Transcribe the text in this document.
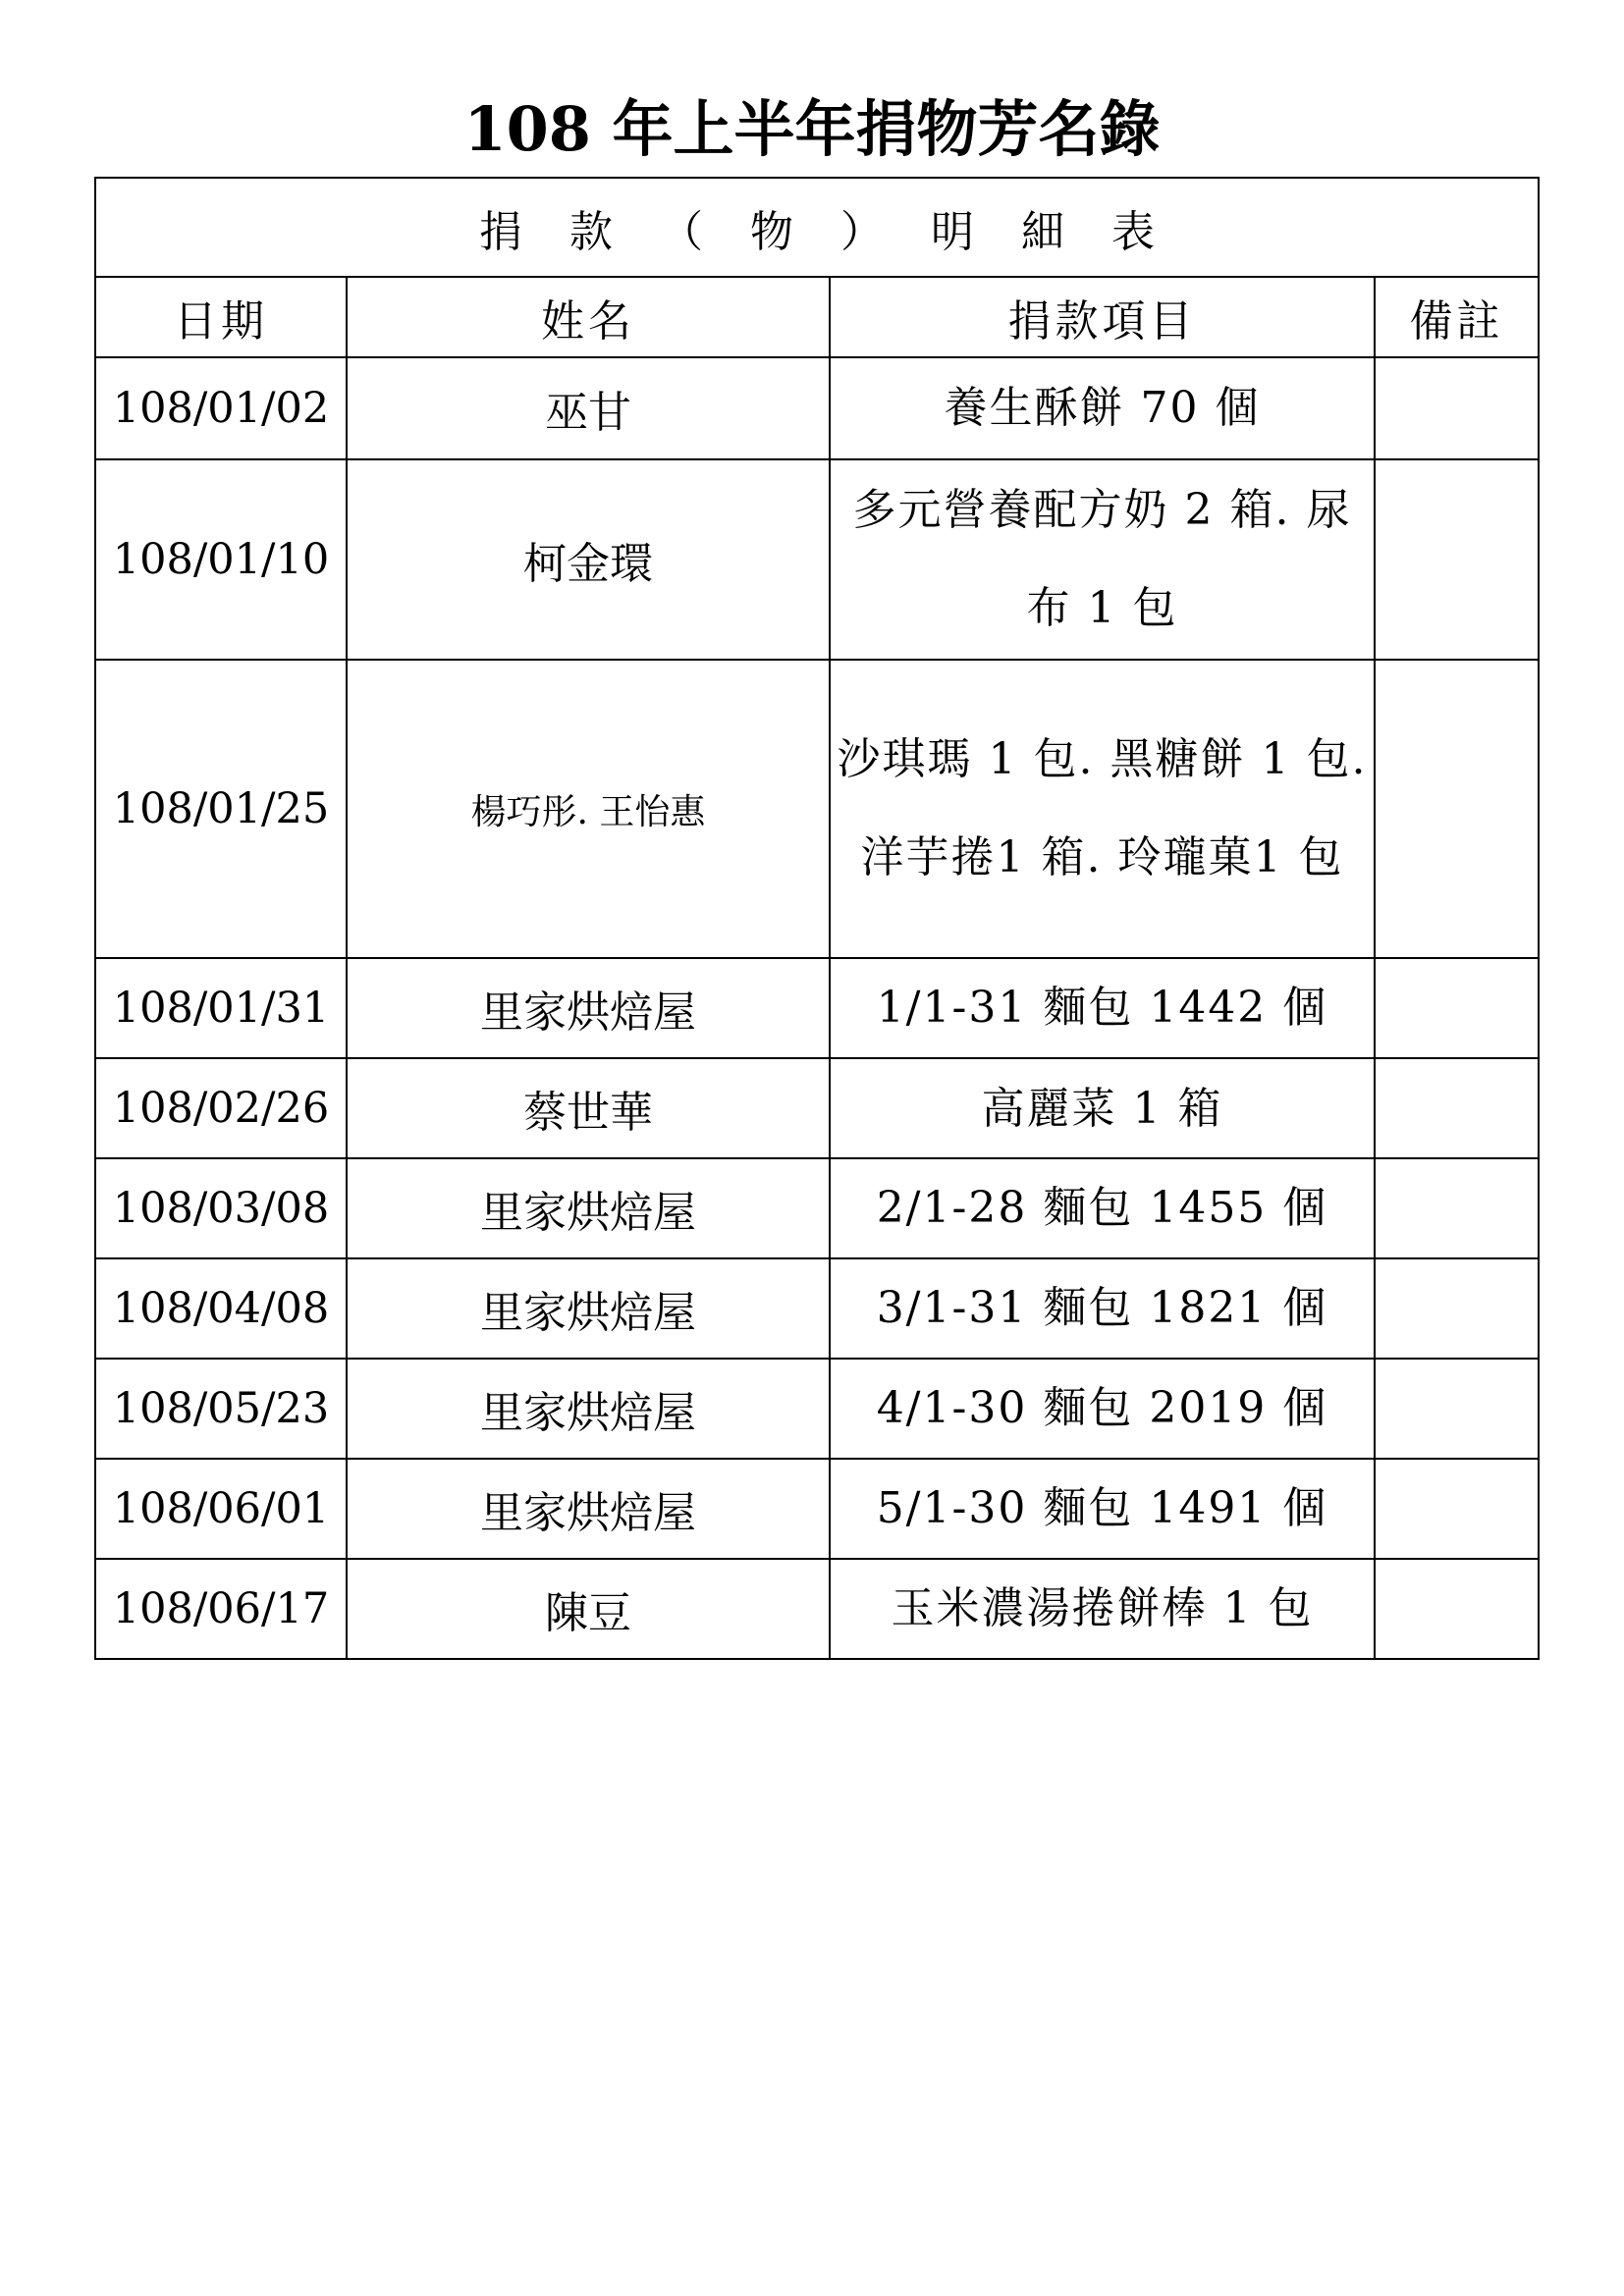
108 年上半年捐物芳名錄
捐款（物）明細表			
日期	姓名	捐款項目	備註
108/01/02	巫甘	養生酥餅 70 個	

108/01/10	柯金環	多元營養配方奶 2 箱. 尿布 1 包	

108/01/25	楊巧彤. 王怡惠	沙琪瑪 1 包. 黑糖餅 1 包. 洋芋捲1 箱. 玲瓏菓1 包	

108/01/31	里家烘焙屋	1/1-31 麵包 1442 個	

108/02/26	蔡世華	高麗菜 1 箱	

108/03/08	里家烘焙屋	2/1-28 麵包 1455 個	

108/04/08	里家烘焙屋	3/1-31 麵包 1821 個	

108/05/23	里家烘焙屋	4/1-30 麵包 2019 個	

108/06/01	里家烘焙屋	5/1-30 麵包 1491 個	

108/06/17	陳豆	玉米濃湯捲餅棒 1 包	
